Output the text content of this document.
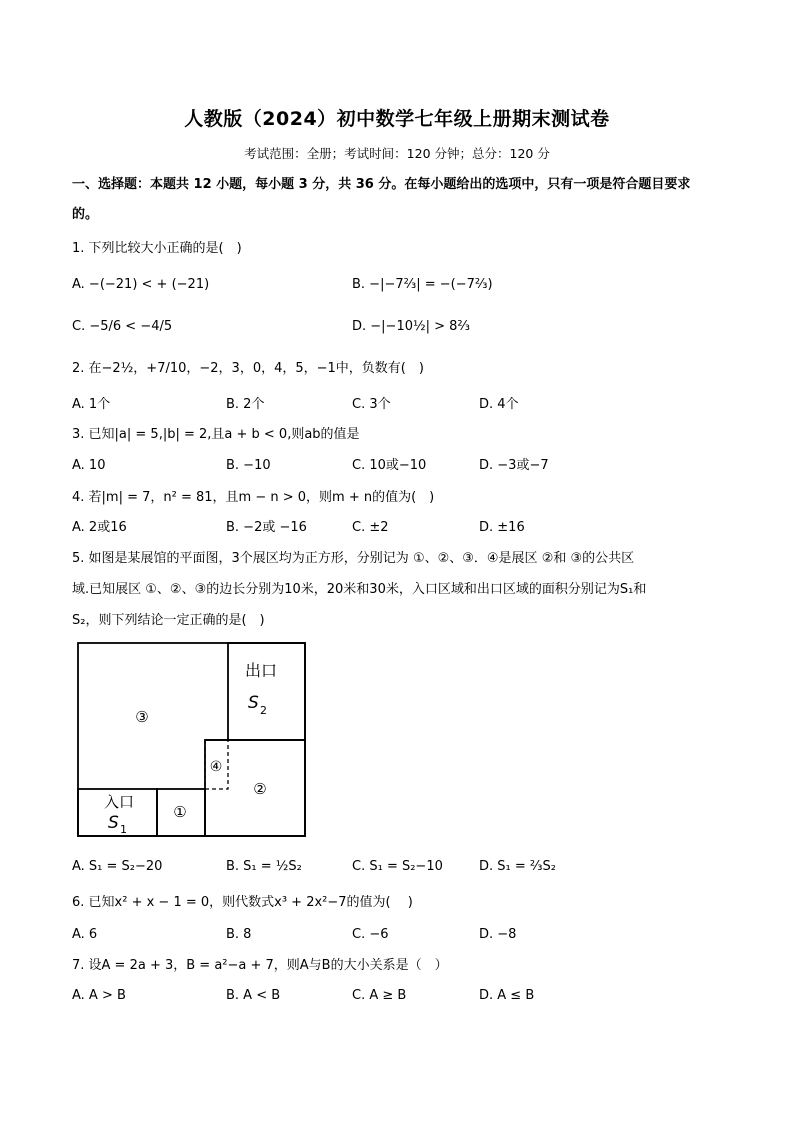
人教版（2024）初中数学七年级上册期末测试卷
考试范围：全册；考试时间：120 分钟；总分：120 分
一、选择题：本题共 12 小题，每小题 3 分，共 36 分。在每小题给出的选项中，只有一项是符合题目要求
的。
1. 下列比较大小正确的是(　)
A. −(−21) < + (−21)	B. −|−7⅔| = −(−7⅔)
C. −5/6 < −4/5	D. −|−10½| > 8⅔
2. 在−2½，+7/10，−2，3，0，4，5，−1中，负数有(　)
A. 1个	B. 2个	C. 3个	D. 4个
3. 已知|a| = 5,|b| = 2,且a + b < 0,则ab的值是
A. 10	B. −10	C. 10或−10	D. −3或−7
4. 若|m| = 7，n² = 81，且m − n > 0，则m + n的值为(　)
A. 2或16	B. −2或 −16	C. ±2	D. ±16
5. 如图是某展馆的平面图，3个展区均为正方形，分别记为 ①、②、③．④是展区 ②和 ③的公共区
域.已知展区 ①、②、③的边长分别为10米，20米和30米，入口区域和出口区域的面积分别记为S₁和
S₂，则下列结论一定正确的是(　)
③
②
①
④
出口
S 2
入口
S 1
A. S₁ = S₂−20	B. S₁ = ½S₂	C. S₁ = S₂−10	D. S₁ = ⅔S₂
6. 已知x² + x − 1 = 0，则代数式x³ + 2x²−7的值为(　 )
A. 6	B. 8	C. −6	D. −8
7. 设A = 2a + 3，B = a²−a + 7，则A与B的大小关系是（　）
A. A > B	B. A < B	C. A ≥ B	D. A ≤ B
